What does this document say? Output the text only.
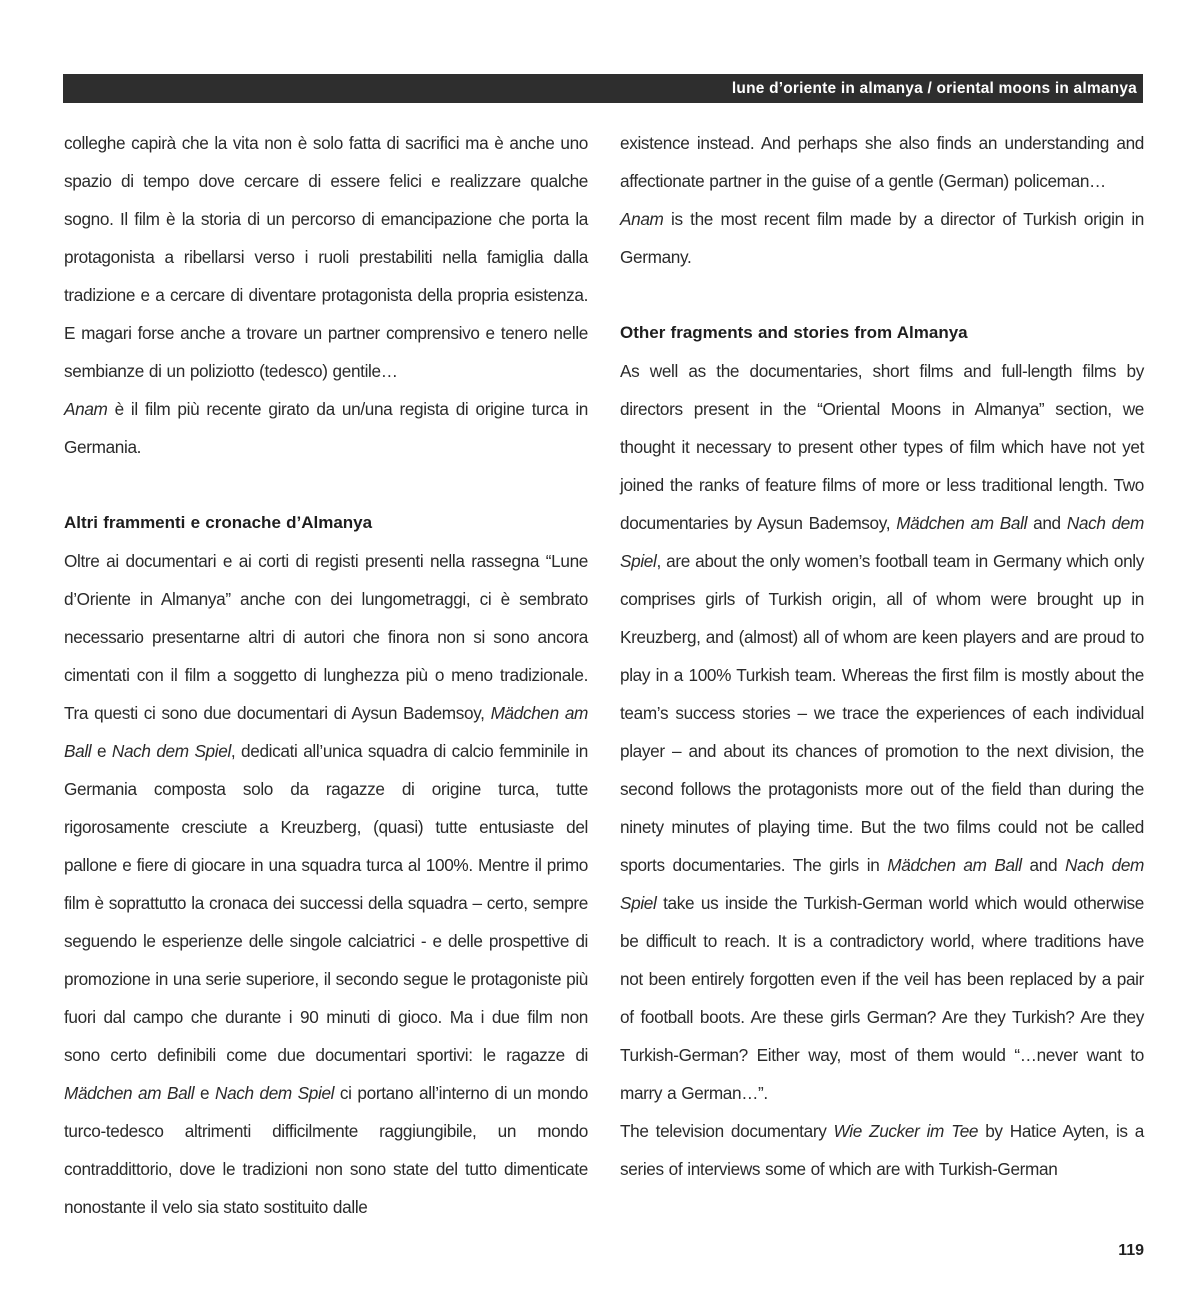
lune d’oriente in almanya / oriental moons in almanya

colleghe capirà che la vita non è solo fatta di sacrifici ma è anche uno spazio di tempo dove cercare di essere felici e realizzare qualche sogno. Il film è la storia di un percorso di emancipazione che porta la protagonista a ribellarsi verso i ruoli prestabiliti nella famiglia dalla tradizione e a cercare di diventare protagonista della propria esistenza. E magari forse anche a trovare un partner comprensivo e tenero nelle sembianze di un poliziotto (tedesco) gentile…

Anam è il film più recente girato da un/una regista di origine turca in Germania.

Altri frammenti e cronache d’Almanya

Oltre ai documentari e ai corti di registi presenti nella rassegna “Lune d’Oriente in Almanya” anche con dei lungometraggi, ci è sembrato necessario presentarne altri di autori che finora non si sono ancora cimentati con il film a soggetto di lunghezza più o meno tradizionale. Tra questi ci sono due documentari di Aysun Bademsoy, Mädchen am Ball e Nach dem Spiel, dedicati all’unica squadra di calcio femminile in Germania composta solo da ragazze di origine turca, tutte rigorosamente cresciute a Kreuzberg, (quasi) tutte entusiaste del pallone e fiere di giocare in una squadra turca al 100%. Mentre il primo film è soprattutto la cronaca dei successi della squadra – certo, sempre seguendo le esperienze delle singole calciatrici - e delle prospettive di promozione in una serie superiore, il secondo segue le protagoniste più fuori dal campo che durante i 90 minuti di gioco. Ma i due film non sono certo definibili come due documentari sportivi: le ragazze di Mädchen am Ball e Nach dem Spiel ci portano all’interno di un mondo turco-tedesco altrimenti difficilmente raggiungibile, un mondo contraddittorio, dove le tradizioni non sono state del tutto dimenticate nonostante il velo sia stato sostituito dalle

existence instead. And perhaps she also finds an understanding and affectionate partner in the guise of a gentle (German) policeman…

Anam is the most recent film made by a director of Turkish origin in Germany.

Other fragments and stories from Almanya

As well as the documentaries, short films and full-length films by directors present in the “Oriental Moons in Almanya” section, we thought it necessary to present other types of film which have not yet joined the ranks of feature films of more or less traditional length. Two documentaries by Aysun Bademsoy, Mädchen am Ball and Nach dem Spiel, are about the only women’s football team in Germany which only comprises girls of Turkish origin, all of whom were brought up in Kreuzberg, and (almost) all of whom are keen players and are proud to play in a 100% Turkish team. Whereas the first film is mostly about the team’s success stories – we trace the experiences of each individual player – and about its chances of promotion to the next division, the second follows the protagonists more out of the field than during the ninety minutes of playing time. But the two films could not be called sports documentaries. The girls in Mädchen am Ball and Nach dem Spiel take us inside the Turkish-German world which would otherwise be difficult to reach. It is a contradictory world, where traditions have not been entirely forgotten even if the veil has been replaced by a pair of football boots. Are these girls German? Are they Turkish? Are they Turkish-German? Either way, most of them would “…never want to marry a German…”.

The television documentary Wie Zucker im Tee by Hatice Ayten, is a series of interviews some of which are with Turkish-German

119
